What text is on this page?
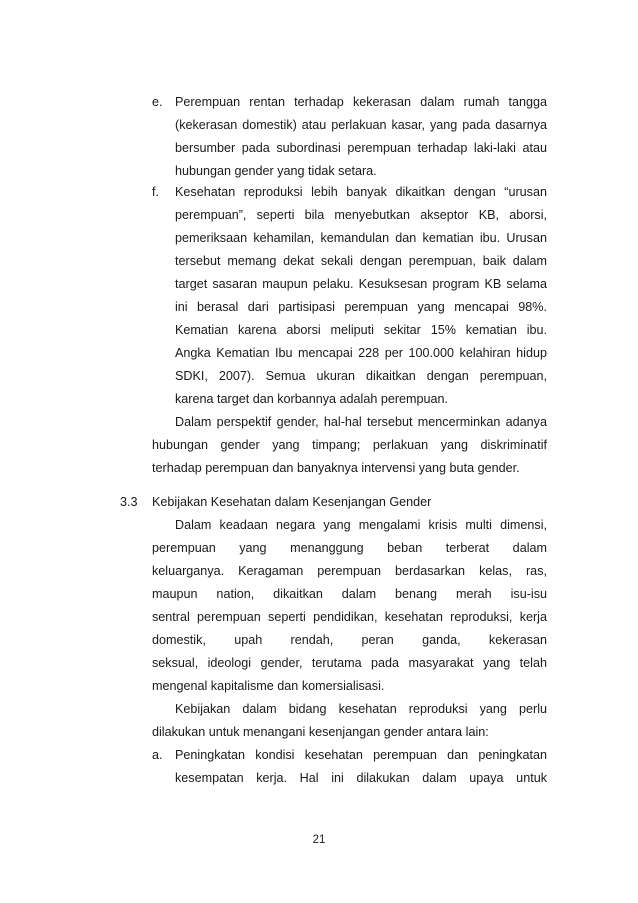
e. Perempuan rentan terhadap kekerasan dalam rumah tangga
(kekerasan domestik) atau perlakuan kasar, yang pada dasarnya
bersumber pada subordinasi perempuan terhadap laki-laki atau
hubungan gender yang tidak setara.
f. Kesehatan reproduksi lebih banyak dikaitkan dengan “urusan
perempuan”, seperti bila menyebutkan akseptor KB, aborsi,
pemeriksaan kehamilan, kemandulan dan kematian ibu. Urusan
tersebut memang dekat sekali dengan perempuan, baik dalam
target sasaran maupun pelaku. Kesuksesan program KB selama
ini berasal dari partisipasi perempuan yang mencapai 98%.
Kematian karena aborsi meliputi sekitar 15% kematian ibu.
Angka Kematian Ibu mencapai 228 per 100.000 kelahiran hidup
SDKI, 2007). Semua ukuran dikaitkan dengan perempuan,
karena target dan korbannya adalah perempuan.
Dalam perspektif gender, hal-hal tersebut mencerminkan adanya
hubungan gender yang timpang; perlakuan yang diskriminatif
terhadap perempuan dan banyaknya intervensi yang buta gender.
3.3 Kebijakan Kesehatan dalam Kesenjangan Gender
Dalam keadaan negara yang mengalami krisis multi dimensi,
perempuan yang menanggung beban terberat dalam
keluarganya. Keragaman perempuan berdasarkan kelas, ras,
maupun nation, dikaitkan dalam benang merah isu-isu
sentral perempuan seperti pendidikan, kesehatan reproduksi, kerja
domestik, upah rendah, peran ganda, kekerasan
seksual, ideologi gender, terutama pada masyarakat yang telah
mengenal kapitalisme dan komersialisasi.
Kebijakan dalam bidang kesehatan reproduksi yang perlu
dilakukan untuk menangani kesenjangan gender antara lain:
a. Peningkatan kondisi kesehatan perempuan dan peningkatan
kesempatan kerja. Hal ini dilakukan dalam upaya untuk
21
